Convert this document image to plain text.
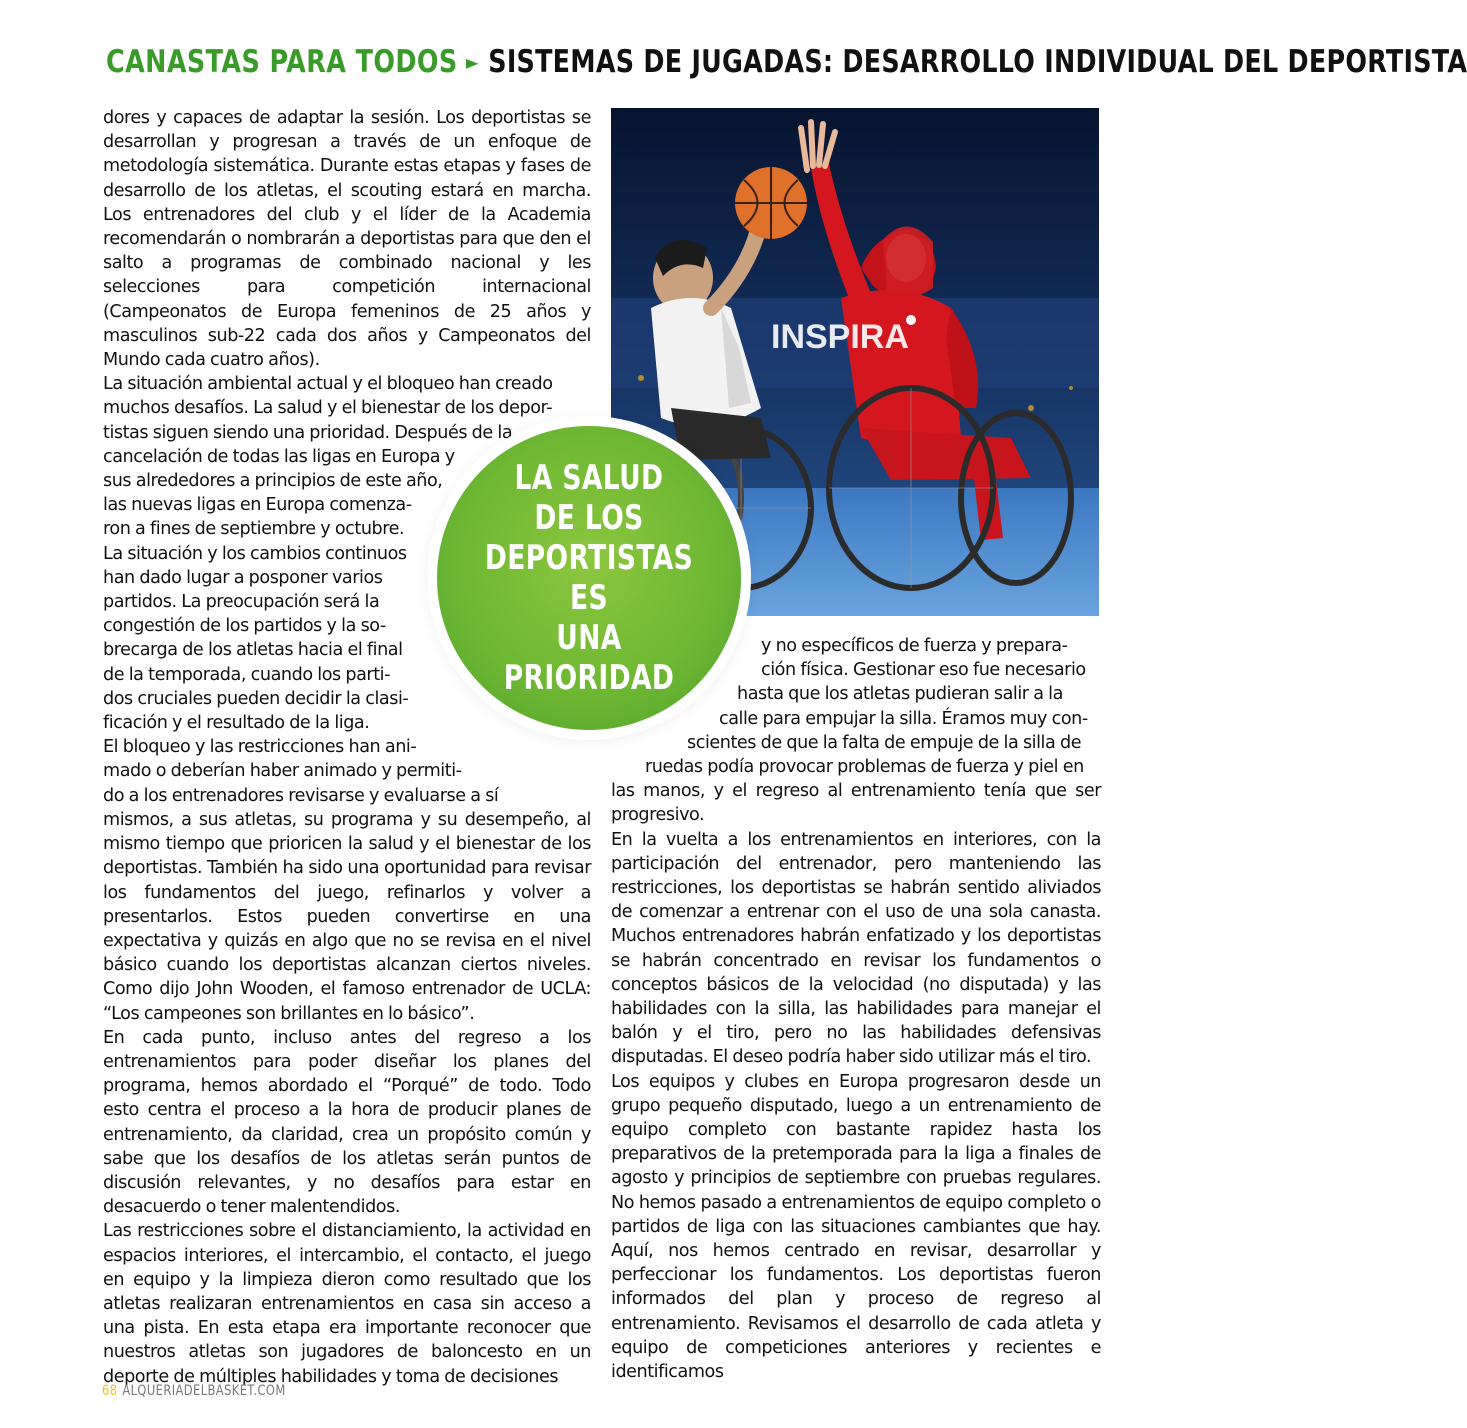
CANASTAS PARA TODOS ► SISTEMAS DE JUGADAS: DESARROLLO INDIVIDUAL DEL DEPORTISTA

dores y capaces de adaptar la sesión. Los deportistas se desarrollan y progresan a través de un enfoque de metodología sistemática. Durante estas etapas y fases de desarrollo de los atletas, el scouting estará en marcha. Los entrenadores del club y el líder de la Academia recomendarán o nombrarán a deportistas para que den el salto a programas de combinado nacional y les selecciones para competición internacional (Campeonatos de Europa femeninos de 25 años y masculinos sub-22 cada dos años y Campeonatos del Mundo cada cuatro años).

La situación ambiental actual y el bloqueo han creado
muchos desafíos. La salud y el bienestar de los depor-
tistas siguen siendo una prioridad. Después de la
cancelación de todas las ligas en Europa y
sus alrededores a principios de este año,
las nuevas ligas en Europa comenza-
ron a fines de septiembre y octubre.

La situación y los cambios continuos
han dado lugar a posponer varios
partidos. La preocupación será la
congestión de los partidos y la so-
brecarga de los atletas hacia el final
de la temporada, cuando los parti-
dos cruciales pueden decidir la clasi-
ficación y el resultado de la liga.

El bloqueo y las restricciones han ani-
mado o deberían haber animado y permiti-
do a los entrenadores revisarse y evaluarse a sí
mismos, a sus atletas, su programa y su desempeño, al mismo tiempo que prioricen la salud y el bienestar de los deportistas. También ha sido una oportunidad para revisar los fundamentos del juego, refinarlos y volver a presentarlos. Estos pueden convertirse en una expectativa y quizás en algo que no se revisa en el nivel básico cuando los deportistas alcanzan ciertos niveles. Como dijo John Wooden, el famoso entrenador de UCLA: “Los campeones son brillantes en lo básico”.

En cada punto, incluso antes del regreso a los entrenamientos para poder diseñar los planes del programa, hemos abordado el “Porqué” de todo. Todo esto centra el proceso a la hora de producir planes de entrenamiento, da claridad, crea un propósito común y sabe que los desafíos de los atletas serán puntos de discusión relevantes, y no desafíos para estar en desacuerdo o tener malentendidos.

Las restricciones sobre el distanciamiento, la actividad en espacios interiores, el intercambio, el contacto, el juego en equipo y la limpieza dieron como resultado que los atletas realizaran entrenamientos en casa sin acceso a una pista. En esta etapa era importante reconocer que nuestros atletas son jugadores de baloncesto en un deporte de múltiples habilidades y toma de decisiones

INSPIRA
LA SALUD
DE LOS
DEPORTISTAS ES
UNA PRIORIDAD

y no específicos de fuerza y prepara-
ción física. Gestionar eso fue necesario
hasta que los atletas pudieran salir a la
calle para empujar la silla. Éramos muy con-
scientes de que la falta de empuje de la silla de
ruedas podía provocar problemas de fuerza y piel en
las manos, y el regreso al entrenamiento tenía que ser progresivo.

En la vuelta a los entrenamientos en interiores, con la participación del entrenador, pero manteniendo las restricciones, los deportistas se habrán sentido aliviados de comenzar a entrenar con el uso de una sola canasta. Muchos entrenadores habrán enfatizado y los deportistas se habrán concentrado en revisar los fundamentos o conceptos básicos de la velocidad (no disputada) y las habilidades con la silla, las habilidades para manejar el balón y el tiro, pero no las habilidades defensivas disputadas. El deseo podría haber sido utilizar más el tiro.

Los equipos y clubes en Europa progresaron desde un grupo pequeño disputado, luego a un entrenamiento de equipo completo con bastante rapidez hasta los preparativos de la pretemporada para la liga a finales de agosto y principios de septiembre con pruebas regulares. No hemos pasado a entrenamientos de equipo completo o partidos de liga con las situaciones cambiantes que hay. Aquí, nos hemos centrado en revisar, desarrollar y perfeccionar los fundamentos. Los deportistas fueron informados del plan y proceso de regreso al entrenamiento. Revisamos el desarrollo de cada atleta y equipo de competiciones anteriores y recientes e identificamos

68 ALQUERIADELBASKET.COM
